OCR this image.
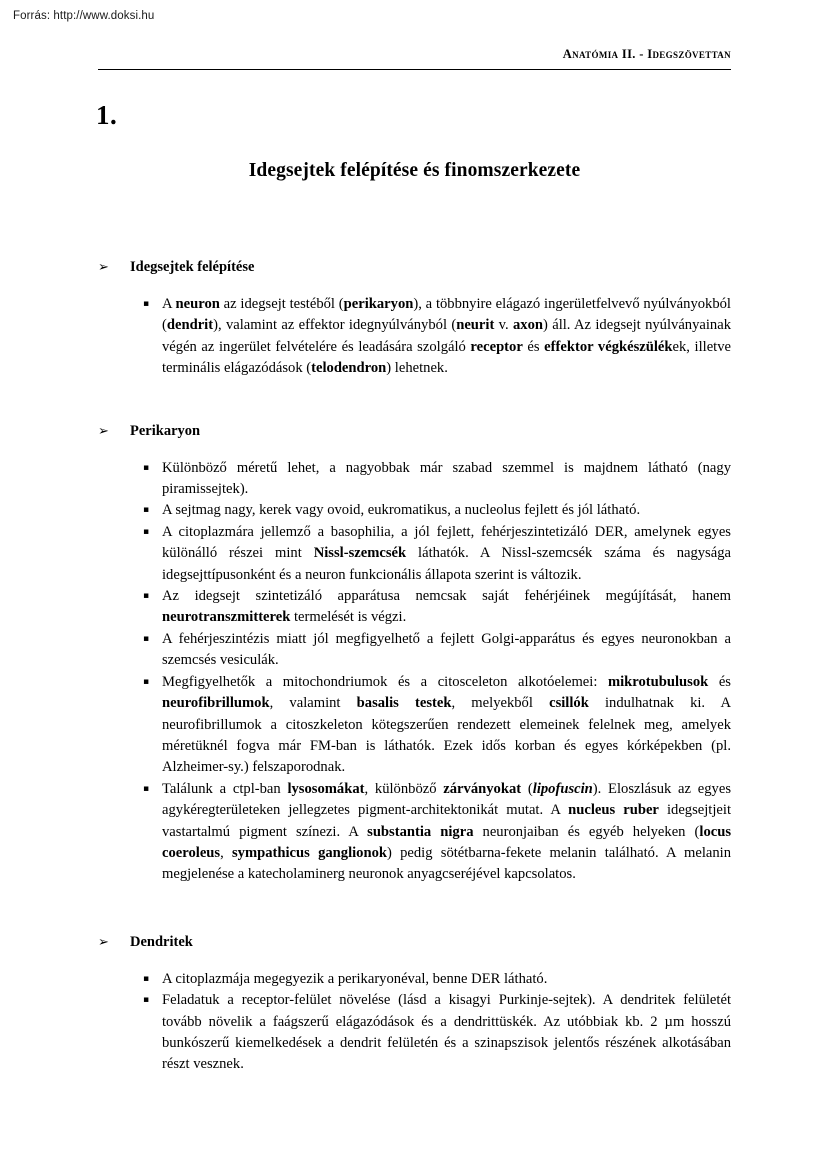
Forrás: http://www.doksi.hu
Anatómia II. - Idegszövettan
1.
Idegsejtek felépítése és finomszerkezete
➢ Idegsejtek felépítése
▪ A neuron az idegsejt testéből (perikaryon), a többnyire elágazó ingerületfelvevő nyúlványokból (dendrit), valamint az effektor idegnyúlványból (neurit v. axon) áll. Az idegsejt nyúlványainak végén az ingerület felvételére és leadására szolgáló receptor és effektor végkészülékek, illetve terminális elágazódások (telodendron) lehetnek.
➢ Perikaryon
▪ Különböző méretű lehet, a nagyobbak már szabad szemmel is majdnem látható (nagy piramissejtek).
▪ A sejtmag nagy, kerek vagy ovoid, eukromatikus, a nucleolus fejlett és jól látható.
▪ A citoplazmára jellemző a basophilia, a jól fejlett, fehérjeszintetizáló DER, amelynek egyes különálló részei mint Nissl-szemcsék láthatók. A Nissl-szemcsék száma és nagysága idegsejttípusonként és a neuron funkcionális állapota szerint is változik.
▪ Az idegsejt szintetizáló apparátusa nemcsak saját fehérjéinek megújítását, hanem neurotranszmitterek termelését is végzi.
▪ A fehérjeszintézis miatt jól megfigyelhető a fejlett Golgi-apparátus és egyes neuronokban a szemcsés vesiculák.
▪ Megfigyelhetők a mitochondriumok és a citosceleton alkotóelemei: mikrotubulusok és neurofibrillumok, valamint basalis testek, melyekből csillók indulhatnak ki. A neurofibrillumok a citoszkeleton kötegszerűen rendezett elemeinek felelnek meg, amelyek méretüknél fogva már FM-ban is láthatók. Ezek idős korban és egyes kórképekben (pl. Alzheimer-sy.) felszaporodnak.
▪ Találunk a ctpl-ban lysosomákat, különböző zárványokat (lipofuscin). Eloszlásuk az egyes agykéregterületeken jellegzetes pigment-architektonikát mutat. A nucleus ruber idegsejtjeit vastartalmú pigment színezi. A substantia nigra neuronjaiban és egyéb helyeken (locus coeroleus, sympathicus ganglionok) pedig sötétbarna-fekete melanin található. A melanin megjelenése a katecholaminerg neuronok anyagcseréjével kapcsolatos.
➢ Dendritek
▪ A citoplazmája megegyezik a perikaryonéval, benne DER látható.
▪ Feladatuk a receptor-felület növelése (lásd a kisagyi Purkinje-sejtek). A dendritek felületét tovább növelik a faágszerű elágazódások és a dendrittüskék. Az utóbbiak kb. 2 µm hosszú bunkószerű kiemelkedések a dendrit felületén és a szinapszisok jelentős részének alkotásában részt vesznek.
